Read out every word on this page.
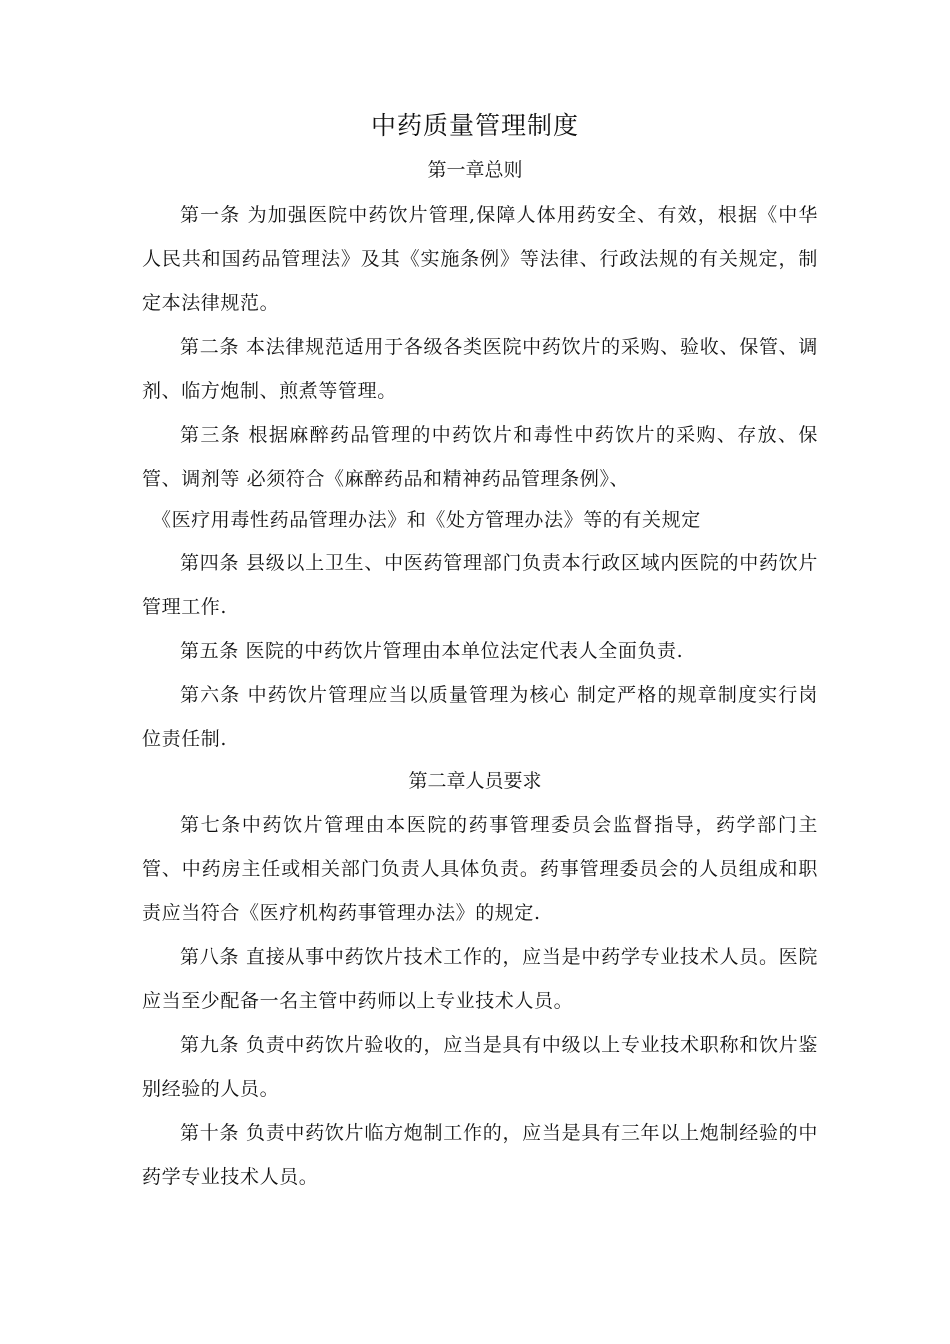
中药质量管理制度
第一章总则
第一条 为加强医院中药饮片管理,保障人体用药安全、有效，根据《中华人民共和国药品管理法》及其《实施条例》等法律、行政法规的有关规定，制定本法律规范。
第二条 本法律规范适用于各级各类医院中药饮片的采购、验收、保管、调剂、临方炮制、煎煮等管理。
第三条 根据麻醉药品管理的中药饮片和毒性中药饮片的采购、存放、保管、调剂等 必须符合《麻醉药品和精神药品管理条例》、
《医疗用毒性药品管理办法》和《处方管理办法》等的有关规定
第四条 县级以上卫生、中医药管理部门负责本行政区域内医院的中药饮片管理工作.
第五条 医院的中药饮片管理由本单位法定代表人全面负责.
第六条 中药饮片管理应当以质量管理为核心 制定严格的规章制度实行岗位责任制.
第二章人员要求
第七条中药饮片管理由本医院的药事管理委员会监督指导，药学部门主管、中药房主任或相关部门负责人具体负责。药事管理委员会的人员组成和职责应当符合《医疗机构药事管理办法》的规定.
第八条 直接从事中药饮片技术工作的，应当是中药学专业技术人员。医院应当至少配备一名主管中药师以上专业技术人员。
第九条 负责中药饮片验收的，应当是具有中级以上专业技术职称和饮片鉴别经验的人员。
第十条 负责中药饮片临方炮制工作的，应当是具有三年以上炮制经验的中药学专业技术人员。
